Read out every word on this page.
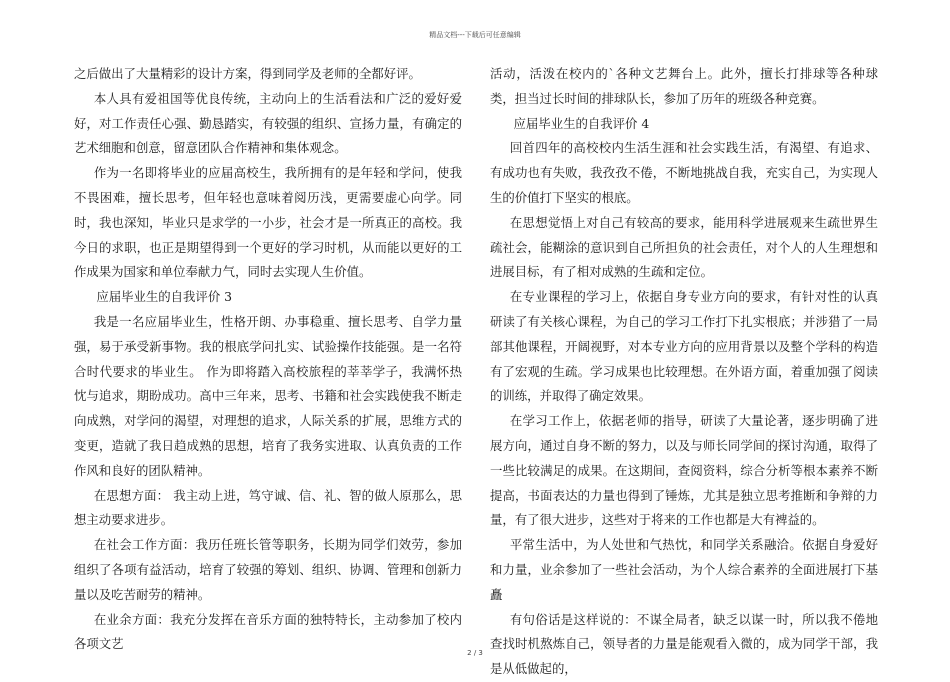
精品文档---下载后可任意编辑

之后做出了大量精彩的设计方案，得到同学及老师的全都好评。

本人具有爱祖国等优良传统，主动向上的生活看法和广泛的爱好爱好，对工作责任心强、勤恳踏实，有较强的组织、宣扬力量，有确定的艺术细胞和创意，留意团队合作精神和集体观念。

作为一名即将毕业的应届高校生，我所拥有的是年轻和学问，使我不畏困难，擅长思考，但年轻也意味着阅历浅，更需要虚心向学。同时，我也深知，毕业只是求学的一小步，社会才是一所真正的高校。我今日的求职，也正是期望得到一个更好的学习时机，从而能以更好的工作成果为国家和单位奉献力气，同时去实现人生价值。

应届毕业生的自我评价 3

我是一名应届毕业生，性格开朗、办事稳重、擅长思考、自学力量强，易于承受新事物。我的根底学问扎实、试验操作技能强。是一名符合时代要求的毕业生。 作为即将踏入高校旅程的莘莘学子，我满怀热忱与追求，期盼成功。高中三年来，思考、书籍和社会实践使我不断走向成熟，对学问的渴望，对理想的追求，人际关系的扩展，思维方式的变更，造就了我日趋成熟的思想，培育了我务实进取、认真负责的工作作风和良好的团队精神。

在思想方面： 我主动上进，笃守诚、信、礼、智的做人原那么，思想主动要求进步。

在社会工作方面：我历任班长管等职务，长期为同学们效劳，参加组织了各项有益活动，培育了较强的筹划、组织、协调、管理和创新力量以及吃苦耐劳的精神。

在业余方面：我充分发挥在音乐方面的独特特长，主动参加了校内各项文艺

活动，活泼在校内的`各种文艺舞台上。此外，擅长打排球等各种球类，担当过长时间的排球队长，参加了历年的班级各种竞赛。

应届毕业生的自我评价 4

回首四年的高校校内生活生涯和社会实践生活，有渴望、有追求、有成功也有失败，我孜孜不倦，不断地挑战自我，充实自己，为实现人生的价值打下坚实的根底。

在思想觉悟上对自己有较高的要求，能用科学进展观来生疏世界生疏社会，能糊涂的意识到自己所担负的社会责任，对个人的人生理想和进展目标，有了相对成熟的生疏和定位。

在专业课程的学习上，依据自身专业方向的要求，有针对性的认真研读了有关核心课程，为自己的学习工作打下扎实根底；并涉猎了一局部其他课程，开阔视野，对本专业方向的应用背景以及整个学科的构造有了宏观的生疏。学习成果也比较理想。在外语方面，着重加强了阅读的训练，并取得了确定效果。

在学习工作上，依据老师的指导，研读了大量论著，逐步明确了进展方向，通过自身不断的努力，以及与师长同学间的探讨沟通，取得了一些比较满足的成果。在这期间，查阅资料，综合分析等根本素养不断提高，书面表达的力量也得到了锤炼，尤其是独立思考推断和争辩的力量，有了很大进步，这些对于将来的工作也都是大有裨益的。

平常生活中，为人处世和气热忱，和同学关系融洽。依据自身爱好和力量，业余参加了一些社会活动，为个人综合素养的全面进展打下基矗

有句俗话是这样说的：不谋全局者，缺乏以谋一时，所以我不倦地查找时机熬炼自己，领导者的力量是能观看入微的，成为同学干部，我是从低做起的，

2 / 3
